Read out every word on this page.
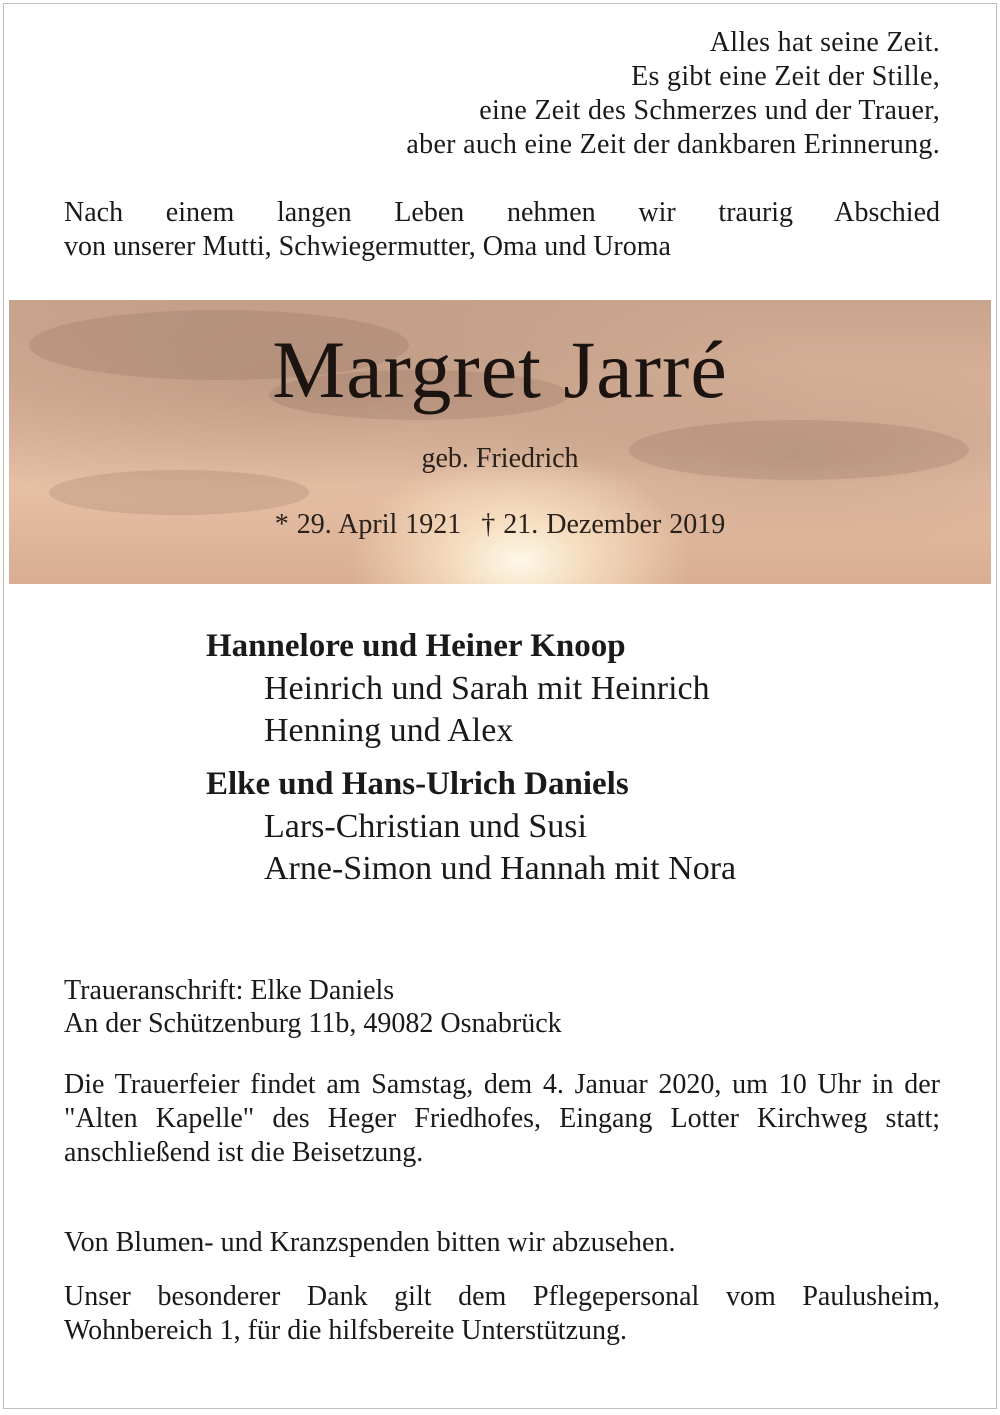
Alles hat seine Zeit.
Es gibt eine Zeit der Stille,
eine Zeit des Schmerzes und der Trauer,
aber auch eine Zeit der dankbaren Erinnerung.
Nach einem langen Leben nehmen wir traurig Abschied
von unserer Mutti, Schwiegermutter, Oma und Uroma
Margret Jarré
geb. Friedrich
* 29. April 1921 † 21. Dezember 2019
Hannelore und Heiner Knoop
Heinrich und Sarah mit Heinrich
Henning und Alex
Elke und Hans-Ulrich Daniels
Lars-Christian und Susi
Arne-Simon und Hannah mit Nora
Traueranschrift: Elke Daniels
An der Schützenburg 11b, 49082 Osnabrück
Die Trauerfeier findet am Samstag, dem 4. Januar 2020, um 10 Uhr in der "Alten Kapelle" des Heger Friedhofes, Eingang Lotter Kirchweg statt; anschließend ist die Beisetzung.
Von Blumen- und Kranzspenden bitten wir abzusehen.
Unser besonderer Dank gilt dem Pflegepersonal vom Paulusheim, Wohnbereich 1, für die hilfsbereite Unterstützung.
